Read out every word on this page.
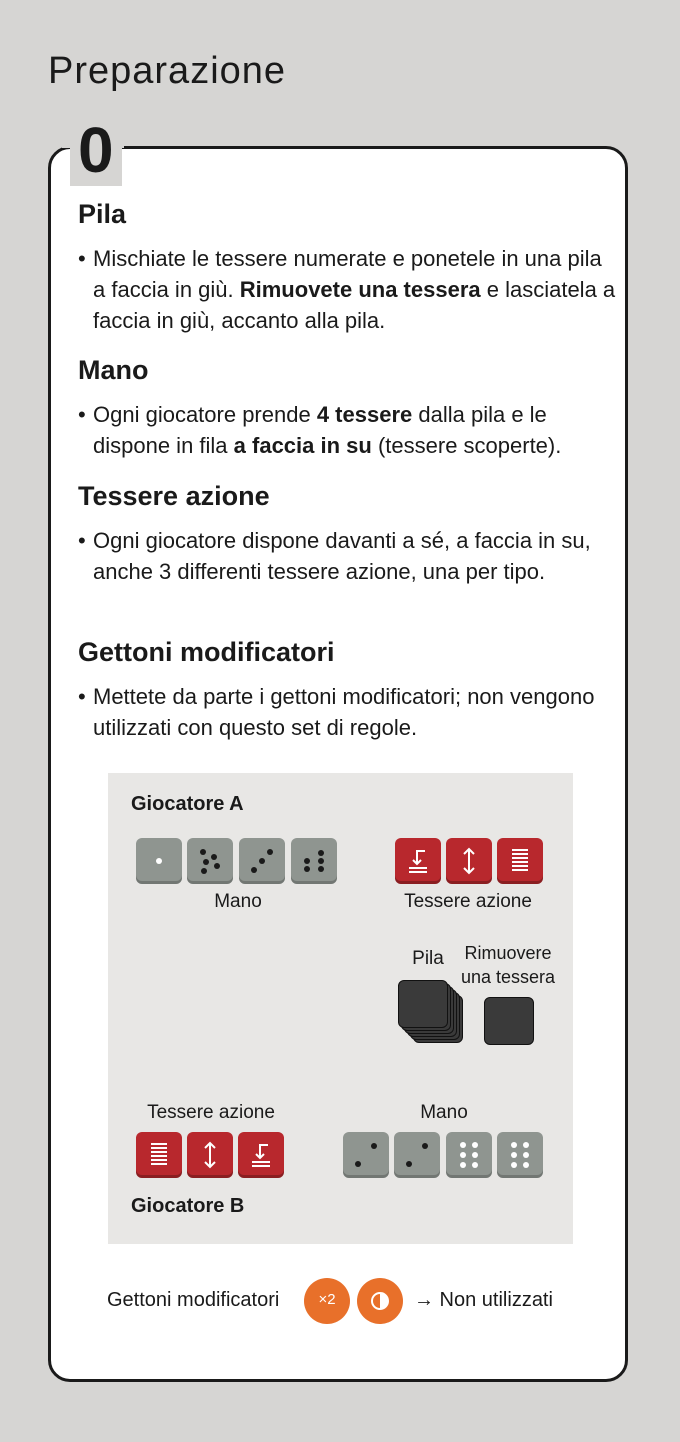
Preparazione
0
Pila

• Mischiate le tessere numerate e ponetele in una pila a faccia in giù. Rimuovete una tessera e lasciatela a faccia in giù, accanto alla pila.

Mano

• Ogni giocatore prende 4 tessere dalla pila e le dispone in fila a faccia in su (tessere scoperte).

Tessere azione

• Ogni giocatore dispone davanti a sé, a faccia in su, anche 3 differenti tessere azione, una per tipo.

Gettoni modificatori

• Mettete da parte i gettoni modificatori; non vengono utilizzati con questo set di regole.

Giocatore A
Mano	Tessere azione
Pila	Rimuovere
una tessera
Tessere azione	Mano
Giocatore B
Gettoni modificatori	×2	→ Non utilizzati
